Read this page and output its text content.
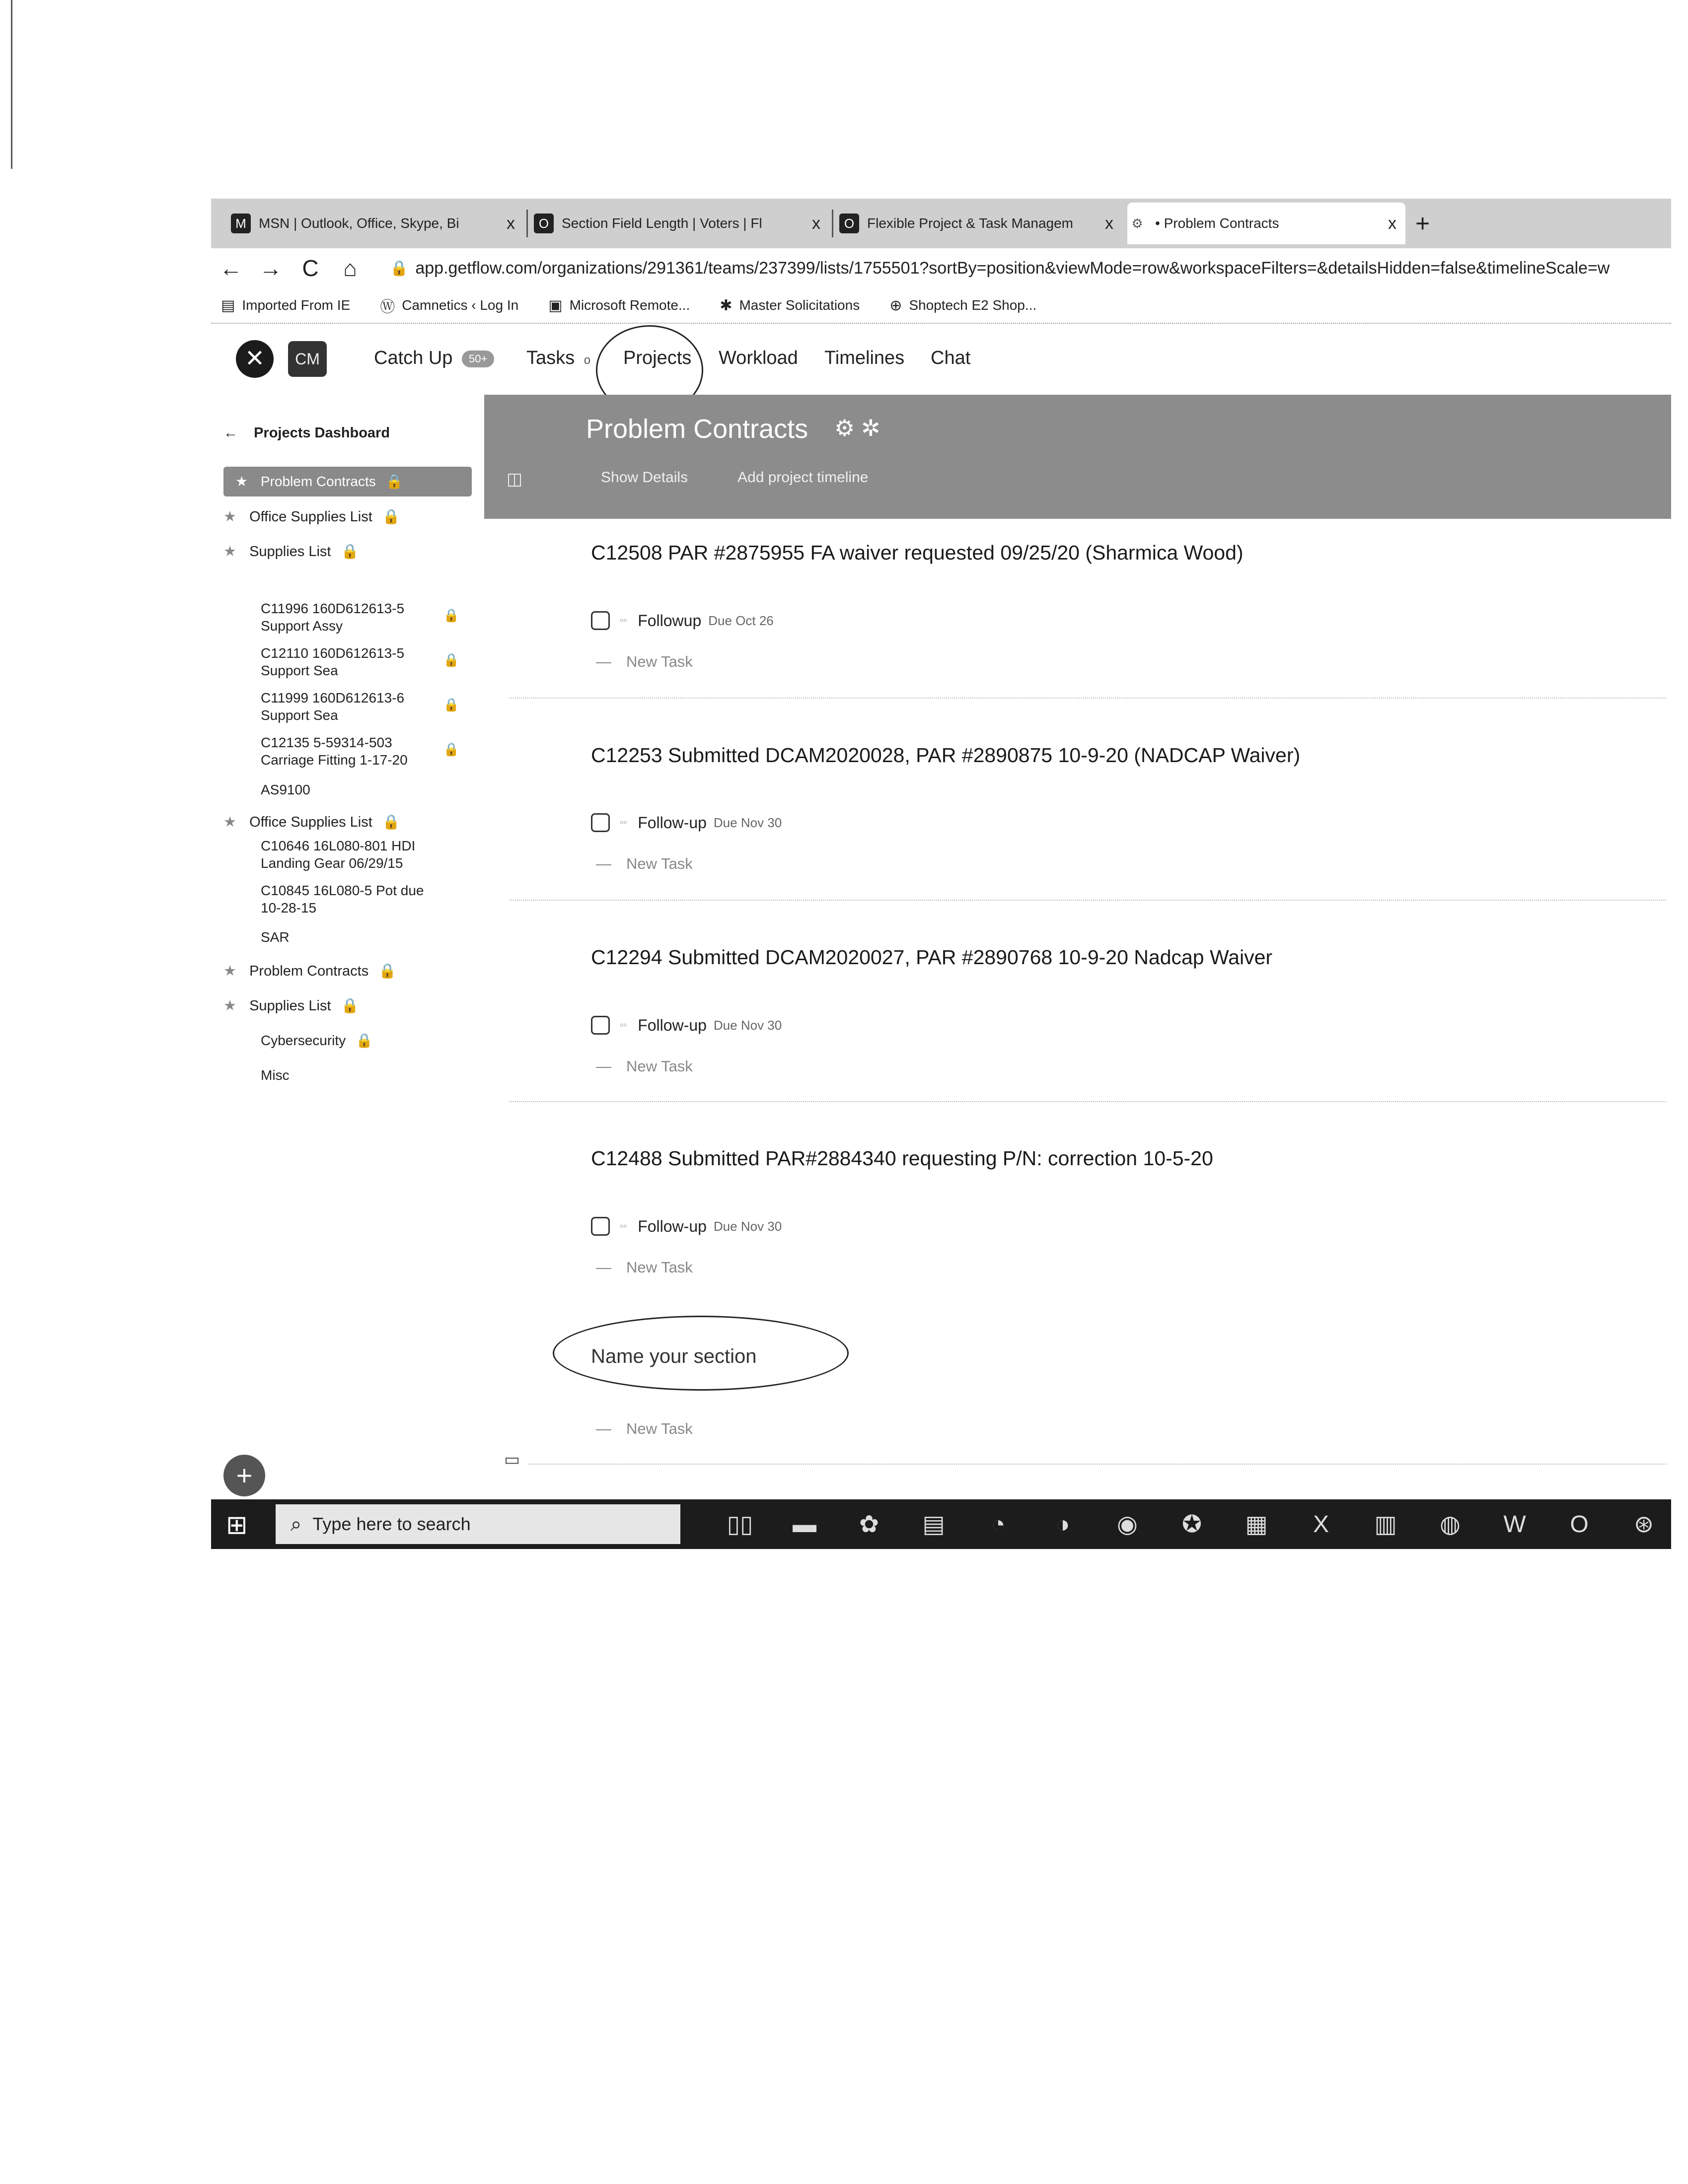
M MSN | Outlook, Office, Skype, Bi	x	O Section Field Length | Voters | Fl	x	O Flexible Project & Task Managem	x	⚙ • Problem Contracts	x +
← → C	⌂	🔒 app.getflow.com/organizations/291361/teams/237399/lists/1755501?sortBy=position&viewMode=row&workspaceFilters=&detailsHidden=false&timelineScale=w
▤ Imported From IE Ⓦ Camnetics ‹ Log In ▣ Microsoft Remote... ✱ Master Solicitations ⊕ Shoptech E2 Shop...
✕	CM	Catch Up 50+	Tasks o Projects Workload Timelines Chat
← Projects Dashboard
★ Problem Contracts 🔒
★ Office Supplies List 🔒
★ Supplies List 🔒
C11996 160D612613-5
Support Assy
🔒
C12110 160D612613-5
Support Sea
🔒
C11999 160D612613-6
Support Sea
🔒
C12135 5-59314-503
Carriage Fitting 1-17-20
🔒
AS9100
★ Office Supplies List 🔒
C10646 16L080-801 HDI
Landing Gear 06/29/15
C10845 16L080-5 Pot due
10-28-15
SAR
★ Problem Contracts 🔒
★ Supplies List 🔒
Cybersecurity 🔒
Misc
+
Problem Contracts ⚙ ✲
◫	Show Details	Add project timeline
C12508 PAR #2875955 FA waiver requested 09/25/20 (Sharmica Wood)
▫▫ Followup Due Oct 26
— New Task
C12253 Submitted DCAM2020028, PAR #2890875 10-9-20 (NADCAP Waiver)
▫▫ Follow-up Due Nov 30
— New Task
C12294 Submitted DCAM2020027, PAR #2890768 10-9-20 Nadcap Waiver
▫▫ Follow-up Due Nov 30
— New Task
C12488 Submitted PAR#2884340 requesting P/N: correction 10-5-20
▫▫ Follow-up Due Nov 30
— New Task
Name your section
— New Task
▭
⊞ ⌕ Type here to search	▯▯	▬	✿	▤	◔	◑	◉	✪	▦	X	▥	◍	W	O	⊛
